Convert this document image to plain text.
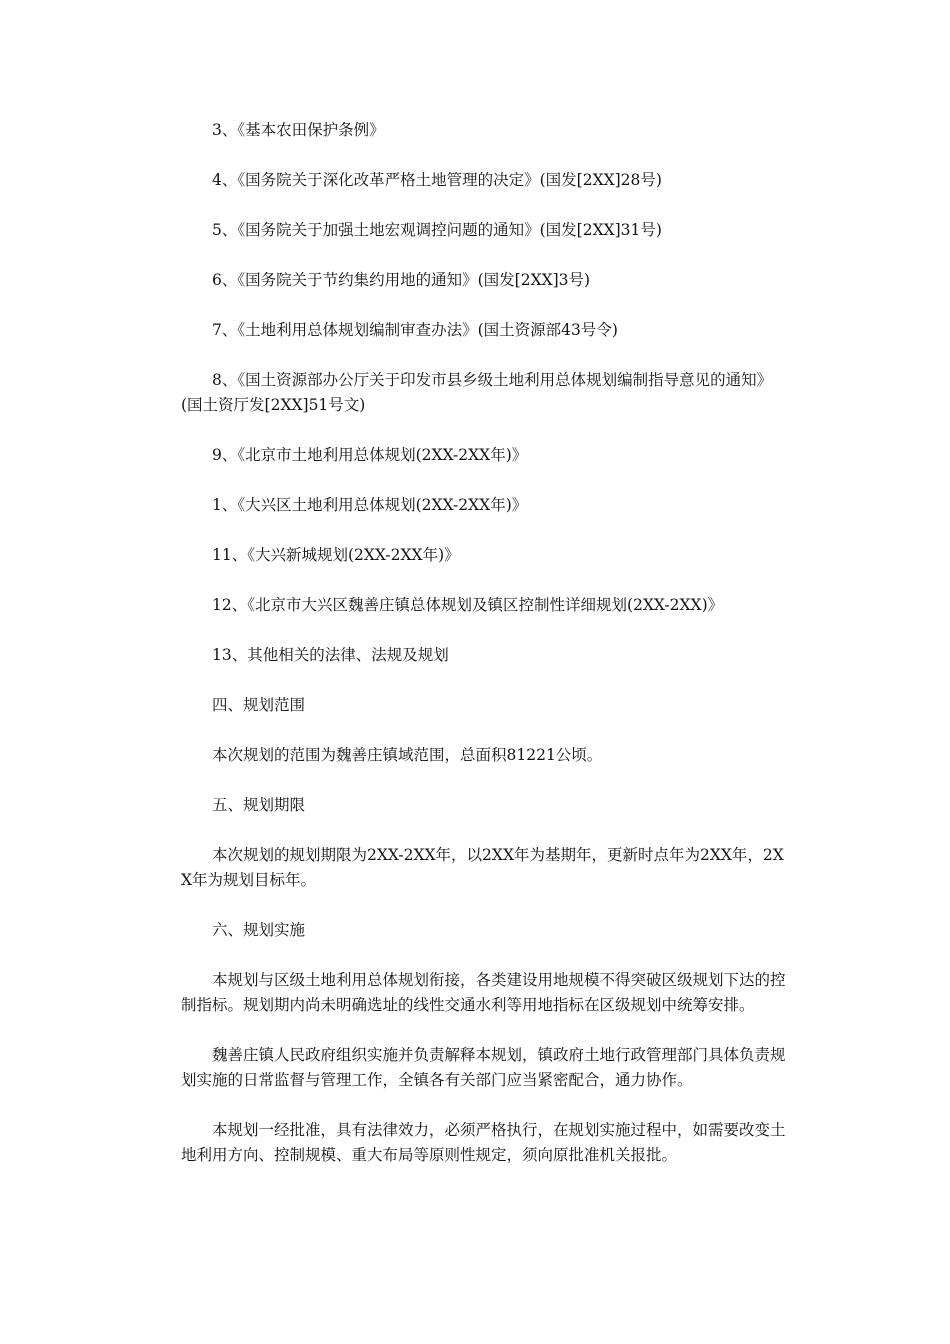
3、《基本农田保护条例》

4、《国务院关于深化改革严格土地管理的决定》(国发[2XX]28号)

5、《国务院关于加强土地宏观调控问题的通知》(国发[2XX]31号)

6、《国务院关于节约集约用地的通知》(国发[2XX]3号)

7、《土地利用总体规划编制审查办法》(国土资源部43号令)

8、《国土资源部办公厅关于印发市县乡级土地利用总体规划编制指导意见的通知》(国土资厅发[2XX]51号文)

9、《北京市土地利用总体规划(2XX-2XX年)》

1、《大兴区土地利用总体规划(2XX-2XX年)》

11、《大兴新城规划(2XX-2XX年)》

12、《北京市大兴区魏善庄镇总体规划及镇区控制性详细规划(2XX-2XX)》

13、其他相关的法律、法规及规划

四、规划范围

本次规划的范围为魏善庄镇域范围，总面积81221公顷。

五、规划期限

本次规划的规划期限为2XX-2XX年，以2XX年为基期年，更新时点年为2XX年，2XX年为规划目标年。

六、规划实施

本规划与区级土地利用总体规划衔接，各类建设用地规模不得突破区级规划下达的控制指标。规划期内尚未明确选址的线性交通水利等用地指标在区级规划中统筹安排。

魏善庄镇人民政府组织实施并负责解释本规划，镇政府土地行政管理部门具体负责规划实施的日常监督与管理工作，全镇各有关部门应当紧密配合，通力协作。

本规划一经批准，具有法律效力，必须严格执行，在规划实施过程中，如需要改变土地利用方向、控制规模、重大布局等原则性规定，须向原批准机关报批。
